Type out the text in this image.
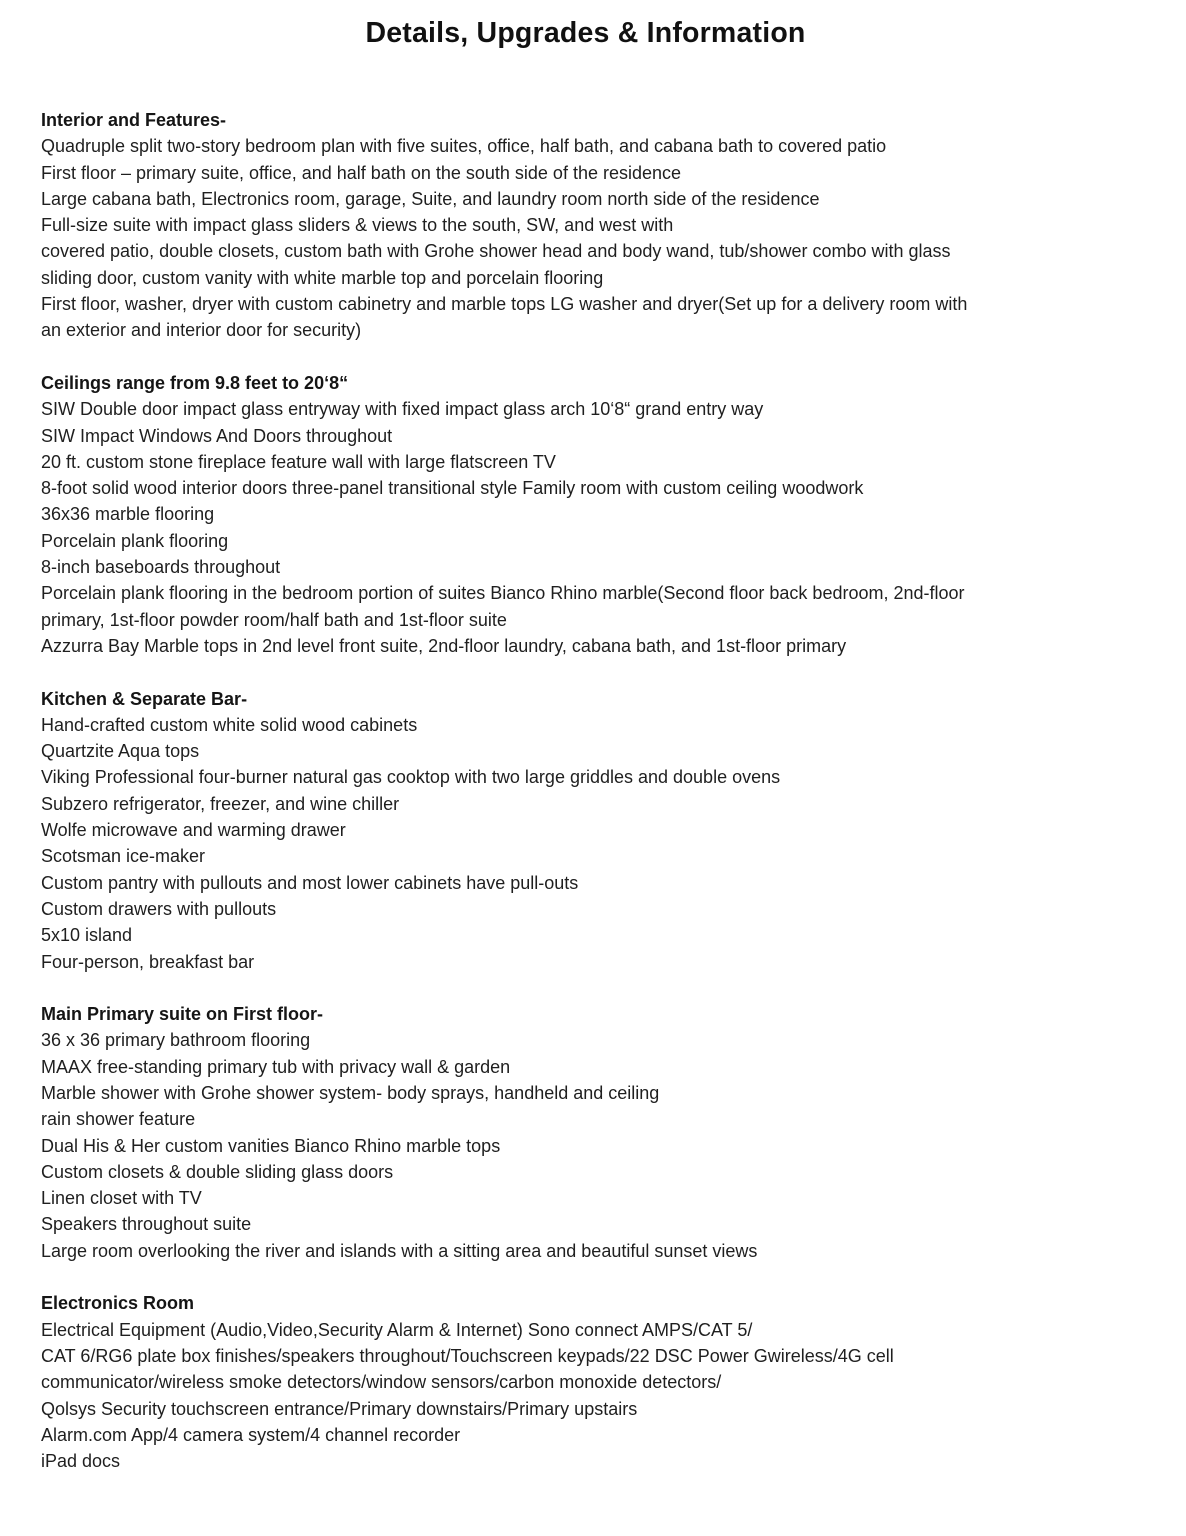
Details, Upgrades & Information
Interior and Features-

Quadruple split two-story bedroom plan with five suites, office, half bath, and cabana bath to covered patio

First floor – primary suite, office, and half bath on the south side of the residence

Large cabana bath, Electronics room, garage, Suite, and laundry room north side of the residence

Full-size suite with impact glass sliders & views to the south, SW, and west with

covered patio, double closets, custom bath with Grohe shower head and body wand, tub/shower combo with glass

sliding door, custom vanity with white marble top and porcelain flooring

First floor, washer, dryer with custom cabinetry and marble tops LG washer and dryer(Set up for a delivery room with

an exterior and interior door for security)

Ceilings range from 9.8 feet to 20‘8“

SIW Double door impact glass entryway with fixed impact glass arch 10‘8“ grand entry way

SIW Impact Windows And Doors throughout

20 ft. custom stone fireplace feature wall with large flatscreen TV

8-foot solid wood interior doors three-panel transitional style Family room with custom ceiling woodwork

36x36 marble flooring

Porcelain plank flooring

8-inch baseboards throughout

Porcelain plank flooring in the bedroom portion of suites Bianco Rhino marble(Second floor back bedroom, 2nd-floor

primary, 1st-floor powder room/half bath and 1st-floor suite

Azzurra Bay Marble tops in 2nd level front suite, 2nd-floor laundry, cabana bath, and 1st-floor primary

Kitchen & Separate Bar-

Hand-crafted custom white solid wood cabinets

Quartzite Aqua tops

Viking Professional four-burner natural gas cooktop with two large griddles and double ovens

Subzero refrigerator, freezer, and wine chiller

Wolfe microwave and warming drawer

Scotsman ice-maker

Custom pantry with pullouts and most lower cabinets have pull-outs

Custom drawers with pullouts

5x10 island

Four-person, breakfast bar

Main Primary suite on First floor-

36 x 36 primary bathroom flooring

MAAX free-standing primary tub with privacy wall & garden

Marble shower with Grohe shower system- body sprays, handheld and ceiling

rain shower feature

Dual His & Her custom vanities Bianco Rhino marble tops

Custom closets & double sliding glass doors

Linen closet with TV

Speakers throughout suite

Large room overlooking the river and islands with a sitting area and beautiful sunset views

Electronics Room

Electrical Equipment (Audio,Video,Security Alarm & Internet) Sono connect AMPS/CAT 5/

CAT 6/RG6 plate box finishes/speakers throughout/Touchscreen keypads/22 DSC Power Gwireless/4G cell

communicator/wireless smoke detectors/window sensors/carbon monoxide detectors/

Qolsys Security touchscreen entrance/Primary downstairs/Primary upstairs

Alarm.com App/4 camera system/4 channel recorder

iPad docs
